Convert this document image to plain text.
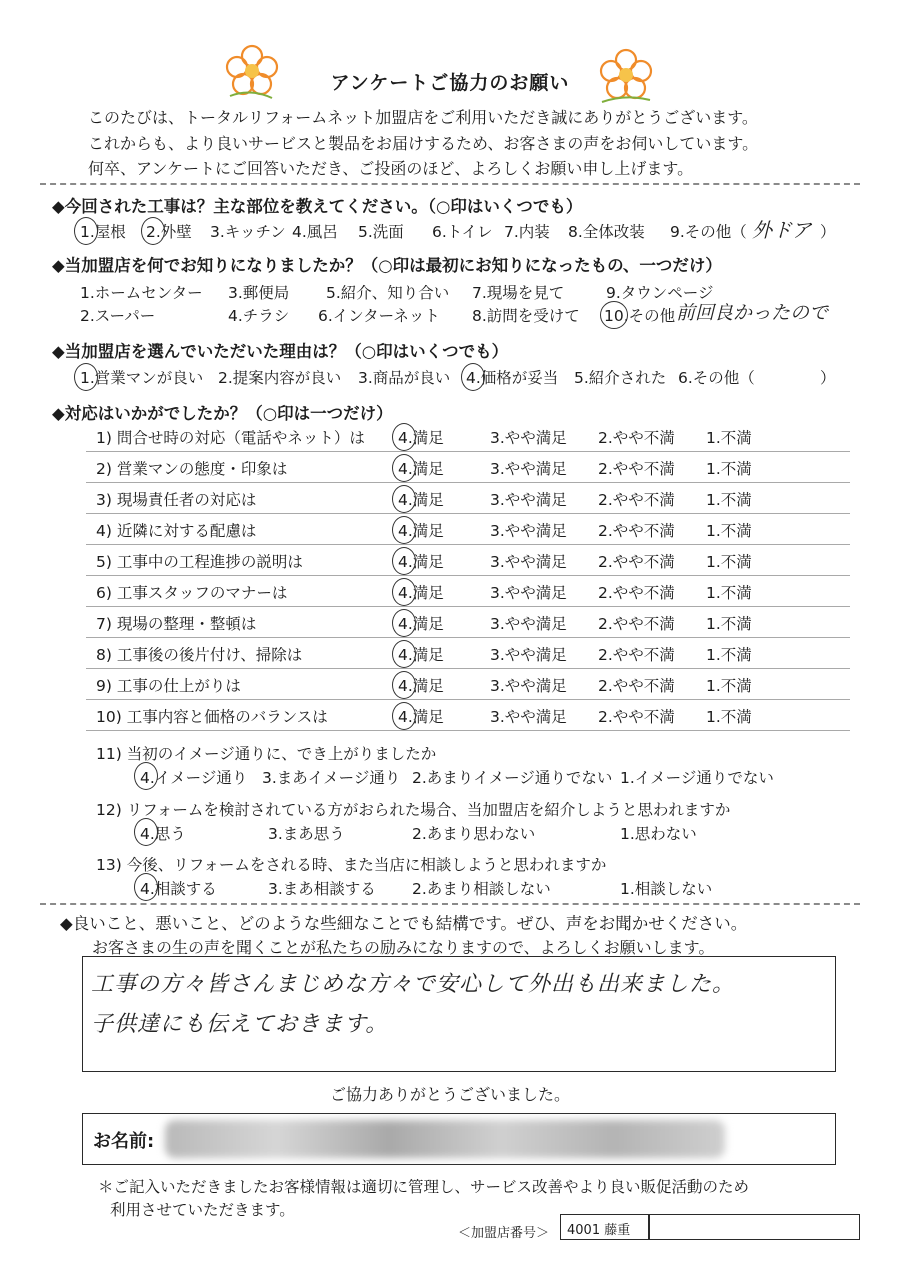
アンケートご協力のお願い
このたびは、トータルリフォームネット加盟店をご利用いただき誠にありがとうございます。
これからも、より良いサービスと製品をお届けするため、お客さまの声をお伺いしています。
何卒、アンケートにご回答いただき、ご投函のほど、よろしくお願い申し上げます。
◆今回された工事は？主な部位を教えてください。（○印はいくつでも）
1.屋根 2.外壁 3.キッチン 4.風呂 5.洗面 6.トイレ 7.内装 8.全体改装 9.その他（ 外ドア ）
◆当加盟店を何でお知りになりましたか？（○印は最初にお知りになったもの、一つだけ）
1.ホームセンター 3.郵便局 5.紹介、知り合い 7.現場を見て	9.タウンページ
2.スーパー	4.チラシ 6.インターネット 8.訪問を受けて 10.その他 前回良かったので
◆当加盟店を選んでいただいた理由は？（○印はいくつでも）
1.営業マンが良い 2.提案内容が良い 3.商品が良い 4.価格が妥当 5.紹介された 6.その他（	）
◆対応はいかがでしたか？（○印は一つだけ）
1) 問合せ時の対応（電話やネット）は 4.満足	3.やや満足 2.やや不満 1.不満
2) 営業マンの態度・印象は	4.満足	3.やや満足 2.やや不満 1.不満
3) 現場責任者の対応は	4.満足	3.やや満足 2.やや不満 1.不満
4) 近隣に対する配慮は	4.満足	3.やや満足 2.やや不満 1.不満
5) 工事中の工程進捗の説明は	4.満足	3.やや満足 2.やや不満 1.不満
6) 工事スタッフのマナーは	4.満足	3.やや満足 2.やや不満 1.不満
7) 現場の整理・整頓は	4.満足	3.やや満足 2.やや不満 1.不満
8) 工事後の後片付け、掃除は	4.満足	3.やや満足 2.やや不満 1.不満
9) 工事の仕上がりは	4.満足	3.やや満足 2.やや不満 1.不満
10) 工事内容と価格のバランスは	4.満足	3.やや満足 2.やや不満 1.不満
11) 当初のイメージ通りに、でき上がりましたか
4.イメージ通り 3.まあイメージ通り 2.あまりイメージ通りでない 1.イメージ通りでない
12) リフォームを検討されている方がおられた場合、当加盟店を紹介しようと思われますか
4.思う	3.まあ思う	2.あまり思わない	1.思わない
13) 今後、リフォームをされる時、また当店に相談しようと思われますか
4.相談する	3.まあ相談する 2.あまり相談しない	1.相談しない
◆良いこと、悪いこと、どのような些細なことでも結構です。ぜひ、声をお聞かせください。
お客さまの生の声を聞くことが私たちの励みになりますので、よろしくお願いします。
工事の方々皆さんまじめな方々で安心して外出も出来ました。
子供達にも伝えておきます。
ご協力ありがとうございました。
お名前:
＊ご記入いただきましたお客様情報は適切に管理し、サービス改善やより良い販促活動のため
利用させていただきます。
＜加盟店番号＞ 4001 藤重
